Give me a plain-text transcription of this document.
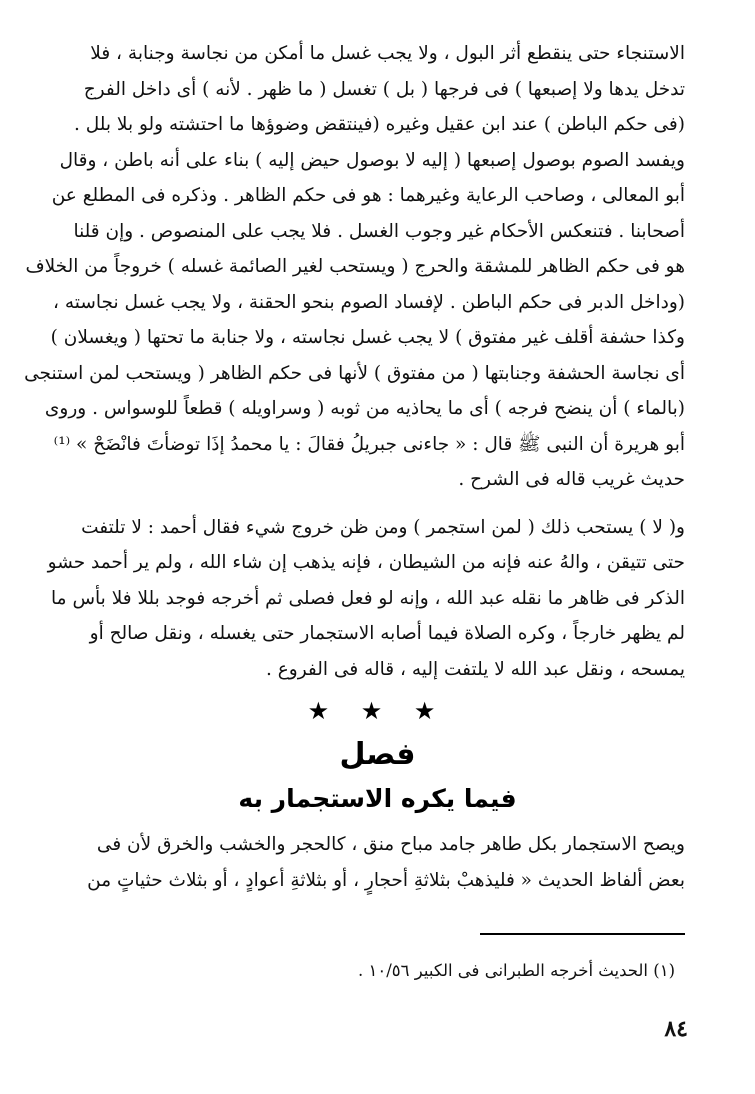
الاستنجاء حتى ينقطع أثر البول ، ولا يجب غسل ما أمكن من نجاسة وجنابة ، فلا
تدخل يدها ولا إصبعها ) فى فرجها ( بل ) تغسل ( ما ظهر . لأنه ) أى داخل الفرج
(فى حكم الباطن ) عند ابن عقيل وغيره (فينتقض وضوؤها ما احتشته ولو بلا بلل .
ويفسد الصوم بوصول إصبعها ( إليه لا بوصول حيض إليه ) بناء على أنه باطن ، وقال
أبو المعالى ، وصاحب الرعاية وغيرهما : هو فى حكم الظاهر . وذكره فى المطلع عن
أصحابنا . فتنعكس الأحكام غير وجوب الغسل . فلا يجب على المنصوص . وإن قلنا
هو فى حكم الظاهر للمشقة والحرج ( ويستحب لغير الصائمة غسله ) خروجاً من الخلاف
(وداخل الدبر فى حكم الباطن . لإفساد الصوم بنحو الحقنة ، ولا يجب غسل نجاسته ،
وكذا حشفة أقلف غير مفتوق ) لا يجب غسل نجاسته ، ولا جنابة ما تحتها ( ويغسلان )
أى نجاسة الحشفة وجنابتها ( من مفتوق ) لأنها فى حكم الظاهر ( ويستحب لمن استنجى
(بالماء ) أن ينضح فرجه ) أى ما يحاذيه من ثوبه ( وسراويله ) قطعاً للوسواس . وروى
أبو هريرة أن النبى ﷺ قال : « جاءنى جبريلُ فقالَ : يا محمدُ إذَا توضأتَ فانْضَحْ » ⁽¹⁾
حديث غريب قاله فى الشرح .
و( لا ) يستحب ذلك ( لمن استجمر ) ومن ظن خروج شيء فقال أحمد : لا تلتفت
حتى تتيقن ، والهُ عنه فإنه من الشيطان ، فإنه يذهب إن شاء الله ، ولم ير أحمد حشو
الذكر فى ظاهر ما نقله عبد الله ، وإنه لو فعل فصلى ثم أخرجه فوجد بللا فلا بأس ما
لم يظهر خارجاً ، وكره الصلاة فيما أصابه الاستجمار حتى يغسله ، ونقل صالح أو
يمسحه ، ونقل عبد الله لا يلتفت إليه ، قاله فى الفروع .
★ ★ ★
فصل
فيما يكره الاستجمار به
ويصح الاستجمار بكل طاهر جامد مباح منق ، كالحجر والخشب والخرق لأن فى
بعض ألفاظ الحديث « فليذهبْ بثلاثةِ أحجارٍ ، أو بثلاثةِ أعوادٍ ، أو بثلاث حثياتٍ من
(١) الحديث أخرجه الطبرانى فى الكبير ١٠/٥٦ .
٨٤
